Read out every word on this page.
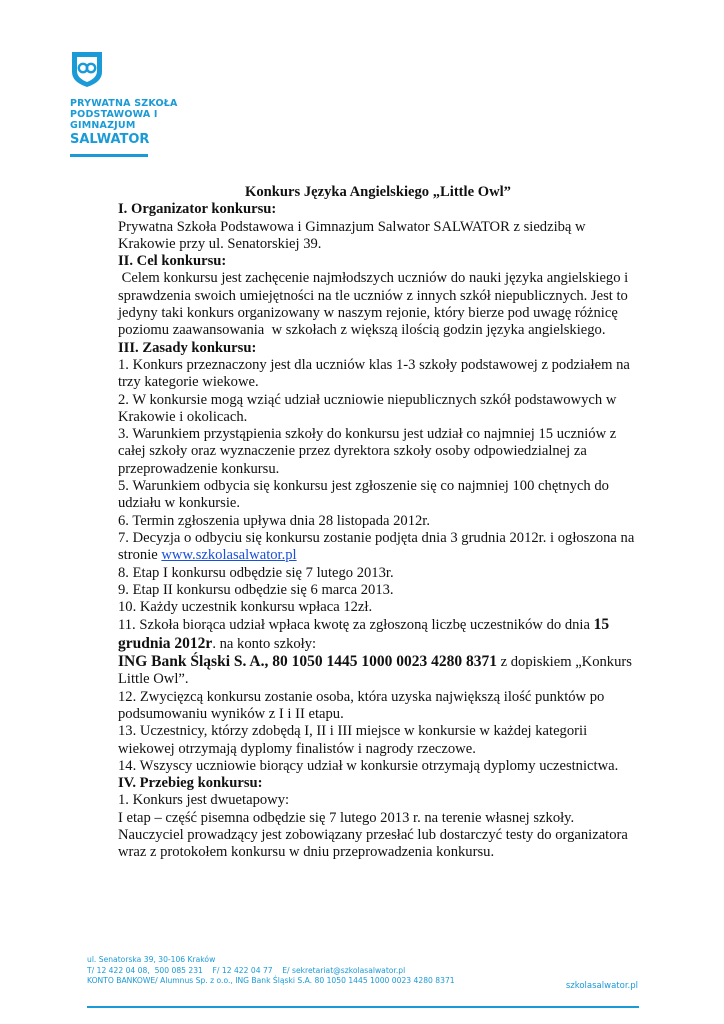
PRYWATNA SZKOŁA
PODSTAWOWA I GIMNAZJUM
SALWATOR

Konkurs Języka Angielskiego „Little Owl”

I. Organizator konkursu:

Prywatna Szkoła Podstawowa i Gimnazjum Salwator SALWATOR z siedzibą w Krakowie przy ul. Senatorskiej 39.

II. Cel konkursu:

Celem konkursu jest zachęcenie najmłodszych uczniów do nauki języka angielskiego i sprawdzenia swoich umiejętności na tle uczniów z innych szkół niepublicznych. Jest to jedyny taki konkurs organizowany w naszym rejonie, który bierze pod uwagę różnicę poziomu zaawansowania  w szkołach z większą ilością godzin języka angielskiego.

III. Zasady konkursu:

1. Konkurs przeznaczony jest dla uczniów klas 1-3 szkoły podstawowej z podziałem na trzy kategorie wiekowe.

2. W konkursie mogą wziąć udział uczniowie niepublicznych szkół podstawowych w Krakowie i okolicach.

3. Warunkiem przystąpienia szkoły do konkursu jest udział co najmniej 15 uczniów z całej szkoły oraz wyznaczenie przez dyrektora szkoły osoby odpowiedzialnej za przeprowadzenie konkursu.

5. Warunkiem odbycia się konkursu jest zgłoszenie się co najmniej 100 chętnych do udziału w konkursie.

6. Termin zgłoszenia upływa dnia 28 listopada 2012r.

7. Decyzja o odbyciu się konkursu zostanie podjęta dnia 3 grudnia 2012r. i ogłoszona na stronie www.szkolasalwator.pl

8. Etap I konkursu odbędzie się 7 lutego 2013r.

9. Etap II konkursu odbędzie się 6 marca 2013.

10. Każdy uczestnik konkursu wpłaca 12zł.

11. Szkoła biorąca udział wpłaca kwotę za zgłoszoną liczbę uczestników do dnia 15 grudnia 2012r. na konto szkoły:
ING Bank Śląski S. A., 80 1050 1445 1000 0023 4280 8371 z dopiskiem „Konkurs Little Owl”.

12. Zwycięzcą konkursu zostanie osoba, która uzyska największą ilość punktów po podsumowaniu wyników z I i II etapu.

13. Uczestnicy, którzy zdobędą I, II i III miejsce w konkursie w każdej kategorii wiekowej otrzymają dyplomy finalistów i nagrody rzeczowe.

14. Wszyscy uczniowie biorący udział w konkursie otrzymają dyplomy uczestnictwa.

IV. Przebieg konkursu:

1. Konkurs jest dwuetapowy:

I etap – część pisemna odbędzie się 7 lutego 2013 r. na terenie własnej szkoły. Nauczyciel prowadzący jest zobowiązany przesłać lub dostarczyć testy do organizatora wraz z protokołem konkursu w dniu przeprowadzenia konkursu.

ul. Senatorska 39, 30-106 Kraków
T/ 12 422 04 08,  500 085 231    F/ 12 422 04 77    E/ sekretariat@szkolasalwator.pl
KONTO BANKOWE/ Alumnus Sp. z o.o., ING Bank Śląski S.A. 80 1050 1445 1000 0023 4280 8371
szkolasalwator.pl
